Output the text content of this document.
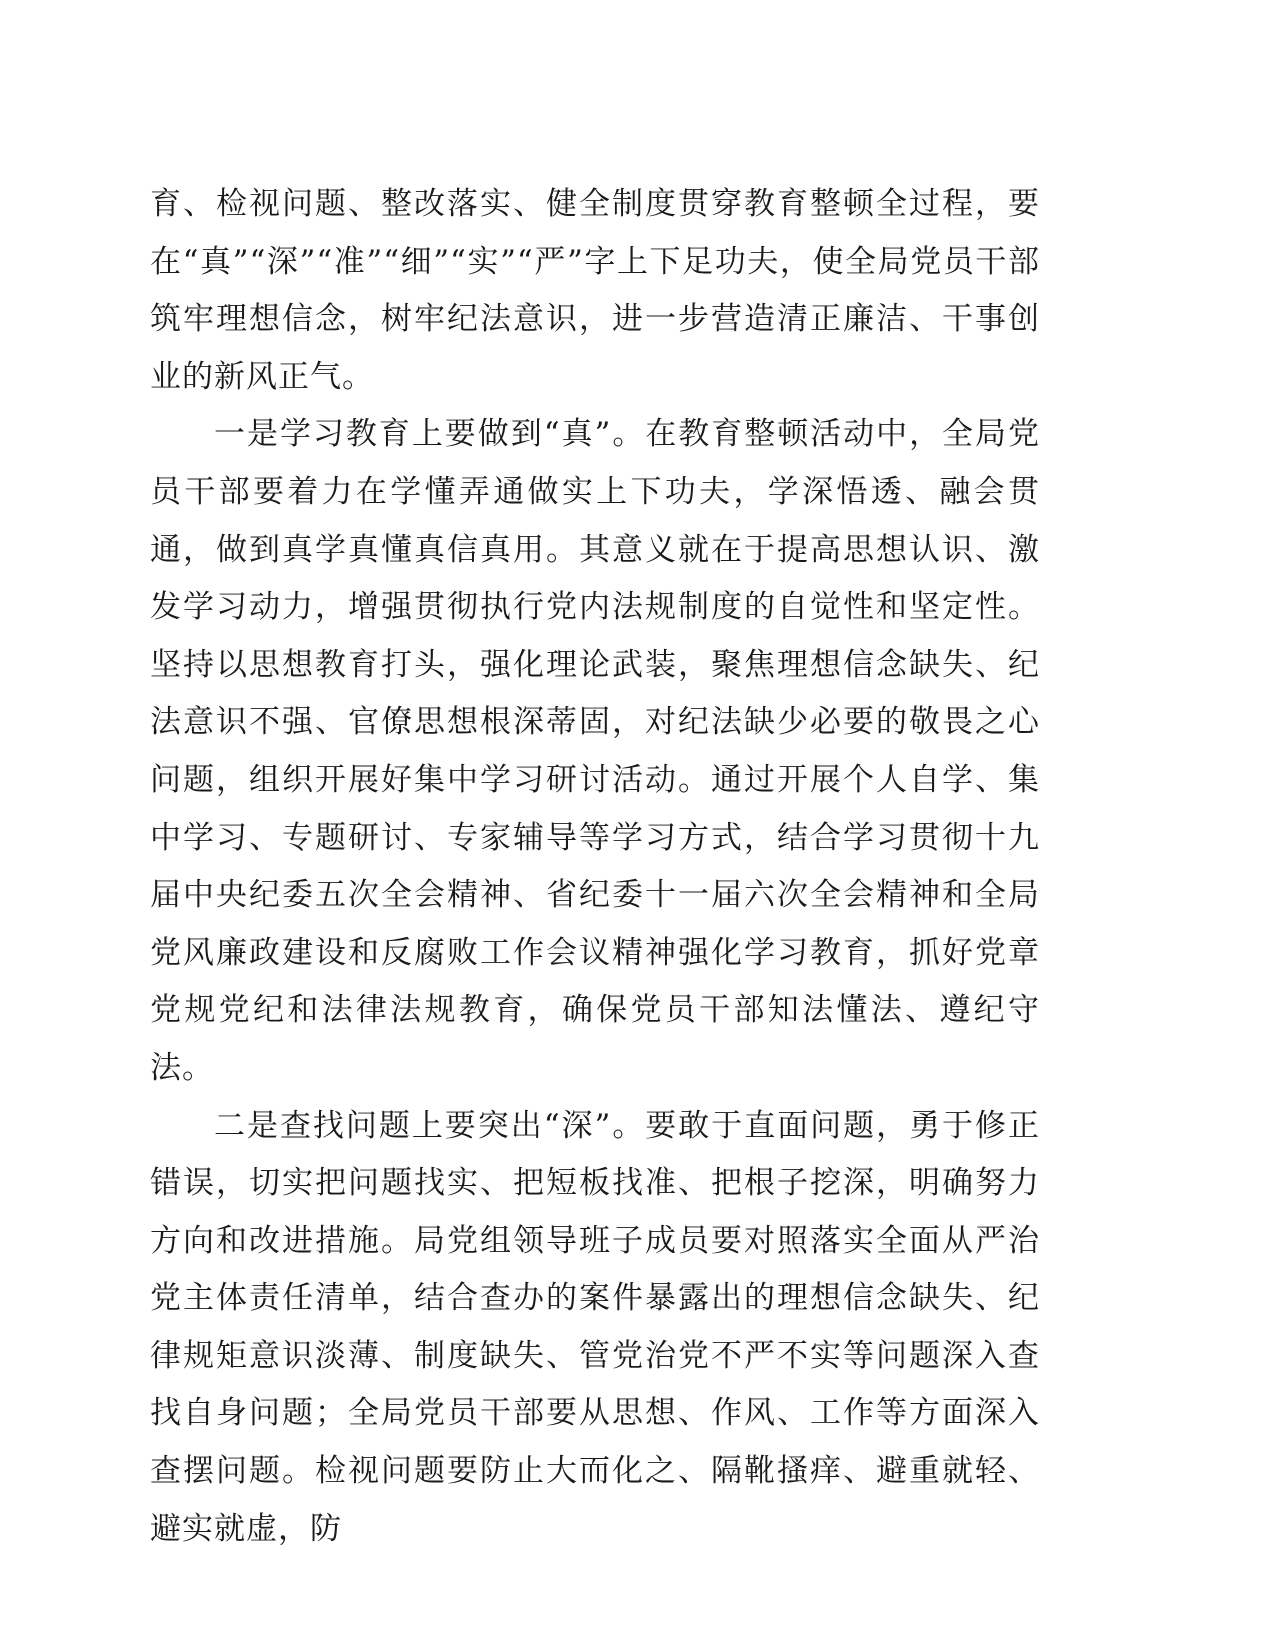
育、检视问题、整改落实、健全制度贯穿教育整顿全过程，要在“真”“深”“准”“细”“实”“严”字上下足功夫，使全局党员干部筑牢理想信念，树牢纪法意识，进一步营造清正廉洁、干事创业的新风正气。

一是学习教育上要做到“真”。在教育整顿活动中，全局党员干部要着力在学懂弄通做实上下功夫，学深悟透、融会贯通，做到真学真懂真信真用。其意义就在于提高思想认识、激发学习动力，增强贯彻执行党内法规制度的自觉性和坚定性。坚持以思想教育打头，强化理论武装，聚焦理想信念缺失、纪法意识不强、官僚思想根深蒂固，对纪法缺少必要的敬畏之心问题，组织开展好集中学习研讨活动。通过开展个人自学、集中学习、专题研讨、专家辅导等学习方式，结合学习贯彻十九届中央纪委五次全会精神、省纪委十一届六次全会精神和全局党风廉政建设和反腐败工作会议精神强化学习教育，抓好党章党规党纪和法律法规教育，确保党员干部知法懂法、遵纪守法。

二是查找问题上要突出“深”。要敢于直面问题，勇于修正错误，切实把问题找实、把短板找准、把根子挖深，明确努力方向和改进措施。局党组领导班子成员要对照落实全面从严治党主体责任清单，结合查办的案件暴露出的理想信念缺失、纪律规矩意识淡薄、制度缺失、管党治党不严不实等问题深入查找自身问题；全局党员干部要从思想、作风、工作等方面深入查摆问题。检视问题要防止大而化之、隔靴搔痒、避重就轻、避实就虚，防
